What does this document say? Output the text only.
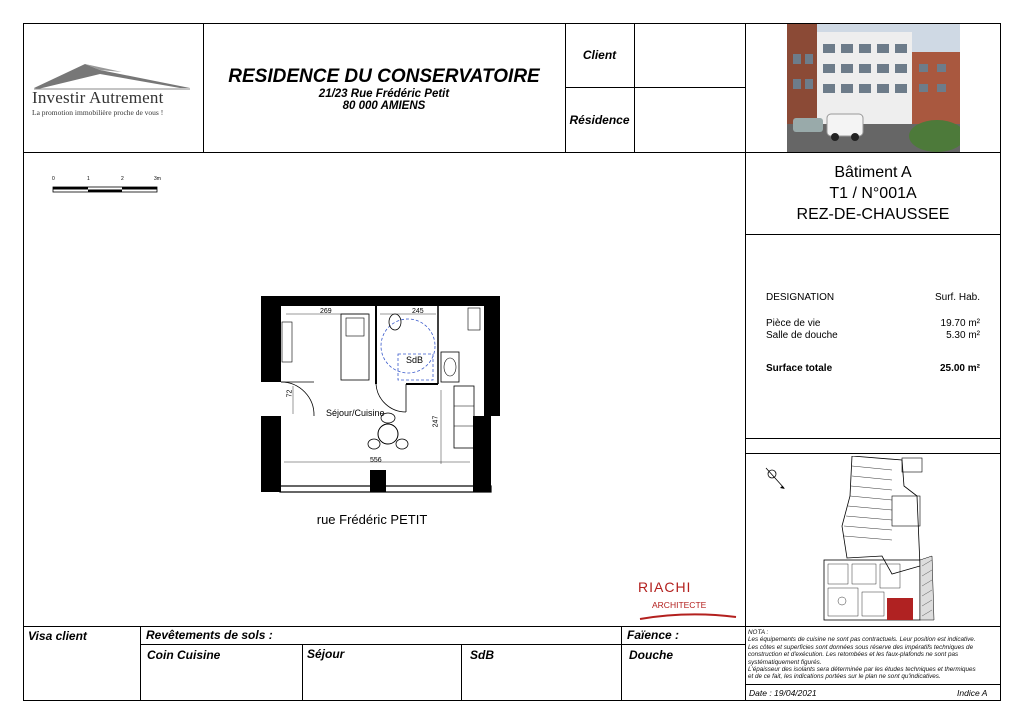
Investir Autrement
La promotion immobilière proche de vous !
RESIDENCE DU CONSERVATOIRE
21/23 Rue Frédéric Petit
80 000 AMIENS
Client
Résidence
0	1	2	3m
269	245
556
247
72
Séjour/Cuisine
SdB
rue Frédéric PETIT
RIACHI
ARCHITECTE
Bâtiment A
T1 / N°001A
REZ-DE-CHAUSSEE
DESIGNATION	Surf. Hab.
Pièce de vie	19.70 m²
Salle de douche	5.30 m²
Surface totale	25.00 m²
Visa client	Revêtements de sols :	Faïence :
Coin Cuisine	Séjour	SdB	Douche
NOTA :
Les équipements de cuisine ne sont pas contractuels. Leur position est indicative.
Les côtes et superficies sont données sous réserve des impératifs techniques de
construction et d'exécution. Les retombées et les faux-plafonds ne sont pas
systématiquement figurés.
L'épaisseur des isolants sera déterminée par les études techniques et thermiques
et de ce fait, les indications portées sur le plan ne sont qu'indicatives.
Date : 19/04/2021	Indice A
